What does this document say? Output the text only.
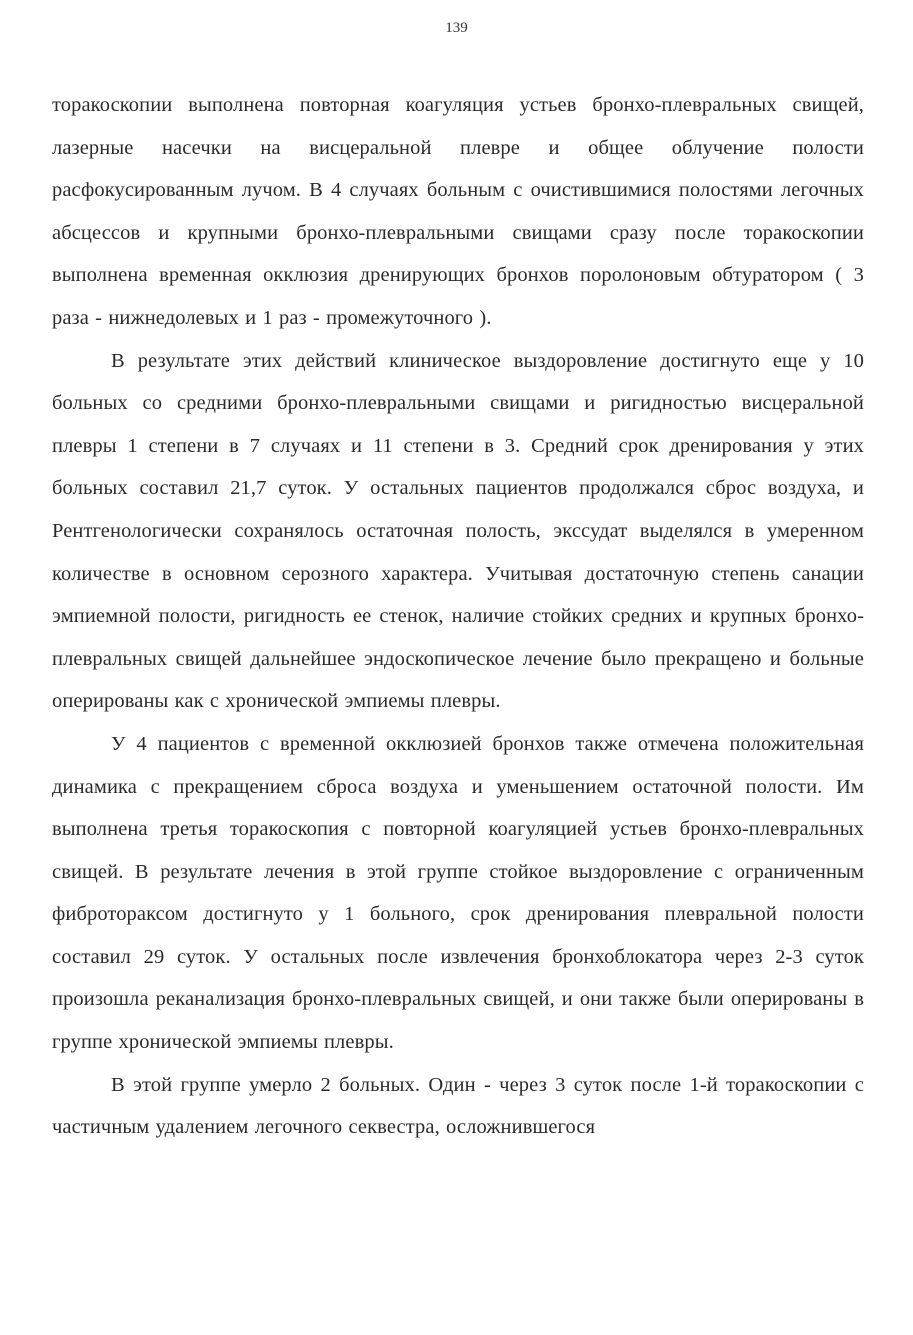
139

торакоскопии выполнена повторная коагуляция устьев бронхо-плевральных свищей, лазерные насечки на висцеральной плевре и общее облучение полости расфокусированным лучом. В 4 случаях больным с очистившимися полостями легочных абсцессов и крупными бронхо-плевральными свищами сразу после торакоскопии выполнена временная окклюзия дренирующих бронхов поролоновым обтуратором ( 3 раза - нижнедолевых и 1 раз - промежуточного ).

В результате этих действий клиническое выздоровление достигнуто еще у 10 больных со средними бронхо-плевральными свищами и ригидностью висцеральной плевры 1 степени в 7 случаях и 11 степени в 3. Средний срок дренирования у этих больных составил 21,7 суток. У остальных пациентов продолжался сброс воздуха, и Рентгенологически сохранялось остаточная полость, экссудат выделялся в умеренном количестве в основном серозного характера. Учитывая достаточную степень санации эмпиемной полости, ригидность ее стенок, наличие стойких средних и крупных бронхо-плевральных свищей дальнейшее эндоскопическое лечение было прекращено и больные оперированы как с хронической эмпиемы плевры.

У 4 пациентов с временной окклюзией бронхов также отмечена положительная динамика с прекращением сброса воздуха и уменьшением остаточной полости. Им выполнена третья торакоскопия с повторной коагуляцией устьев бронхо-плевральных свищей. В результате лечения в этой группе стойкое выздоровление с ограниченным фибротораксом достигнуто у 1 больного, срок дренирования плевральной полости составил 29 суток. У остальных после извлечения бронхоблокатора через 2-3 суток произошла реканализация бронхо-плевральных свищей, и они также были оперированы в группе хронической эмпиемы плевры.

В этой группе умерло 2 больных. Один - через 3 суток после 1-й торакоскопии с частичным удалением легочного секвестра, осложнившегося
